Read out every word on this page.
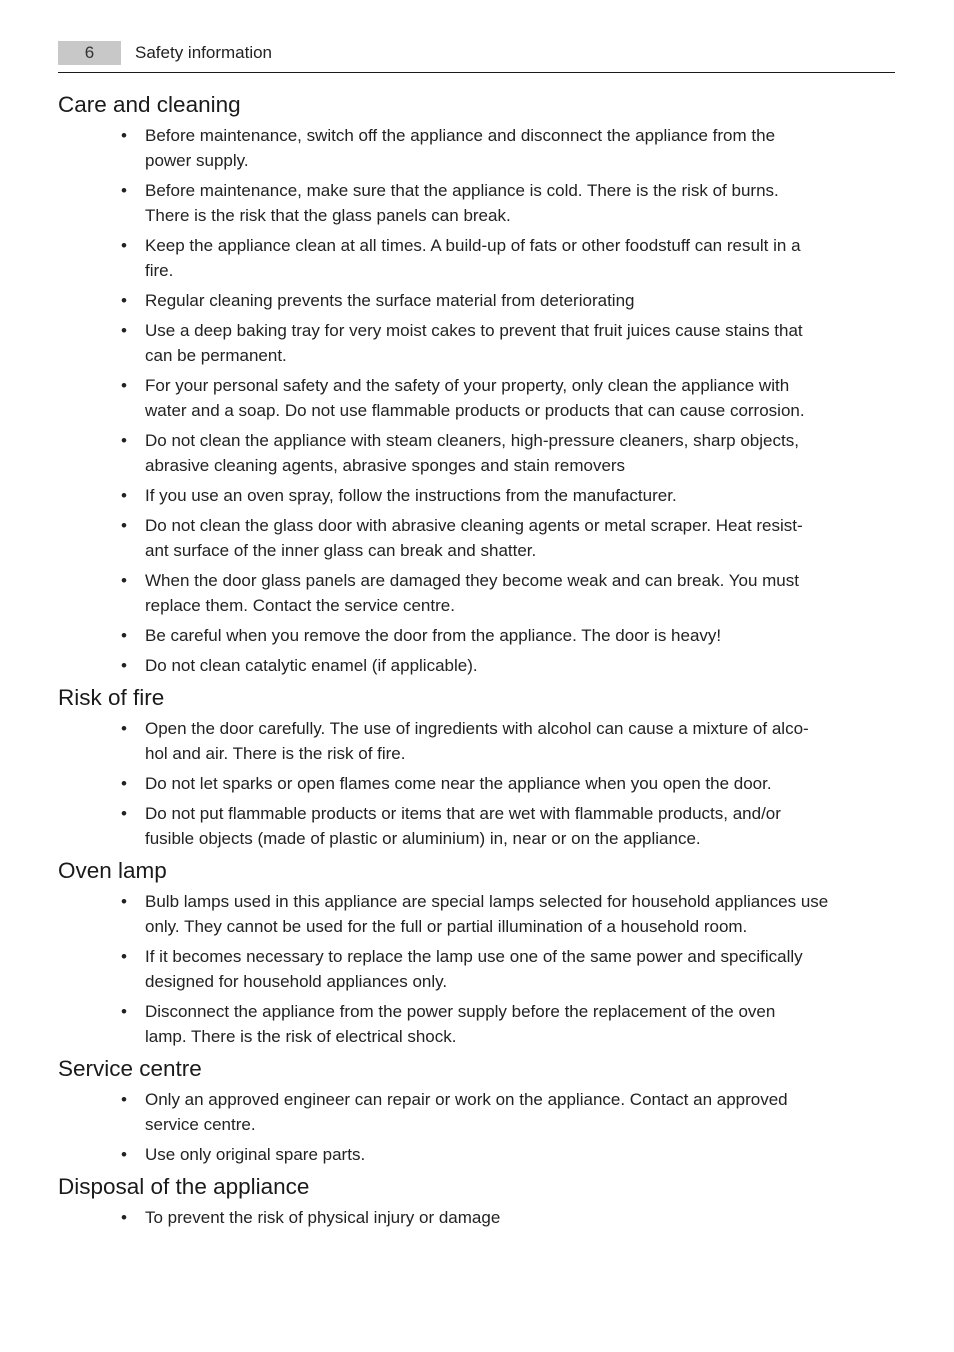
6	Safety information
Care and cleaning
• Before maintenance, switch off the appliance and disconnect the appliance from the
power supply.
• Before maintenance, make sure that the appliance is cold. There is the risk of burns.
There is the risk that the glass panels can break.
• Keep the appliance clean at all times. A build-up of fats or other foodstuff can result in a
fire.
• Regular cleaning prevents the surface material from deteriorating
• Use a deep baking tray for very moist cakes to prevent that fruit juices cause stains that
can be permanent.
• For your personal safety and the safety of your property, only clean the appliance with
water and a soap. Do not use flammable products or products that can cause corrosion.
• Do not clean the appliance with steam cleaners, high-pressure cleaners, sharp objects,
abrasive cleaning agents, abrasive sponges and stain removers
• If you use an oven spray, follow the instructions from the manufacturer.
• Do not clean the glass door with abrasive cleaning agents or metal scraper. Heat resist-
ant surface of the inner glass can break and shatter.
• When the door glass panels are damaged they become weak and can break. You must
replace them. Contact the service centre.
• Be careful when you remove the door from the appliance. The door is heavy!
• Do not clean catalytic enamel (if applicable).
Risk of fire
• Open the door carefully. The use of ingredients with alcohol can cause a mixture of alco-
hol and air. There is the risk of fire.
• Do not let sparks or open flames come near the appliance when you open the door.
• Do not put flammable products or items that are wet with flammable products, and/or
fusible objects (made of plastic or aluminium) in, near or on the appliance.
Oven lamp
• Bulb lamps used in this appliance are special lamps selected for household appliances use
only. They cannot be used for the full or partial illumination of a household room.
• If it becomes necessary to replace the lamp use one of the same power and specifically
designed for household appliances only.
• Disconnect the appliance from the power supply before the replacement of the oven
lamp. There is the risk of electrical shock.
Service centre
• Only an approved engineer can repair or work on the appliance. Contact an approved
service centre.
• Use only original spare parts.
Disposal of the appliance
• To prevent the risk of physical injury or damage
